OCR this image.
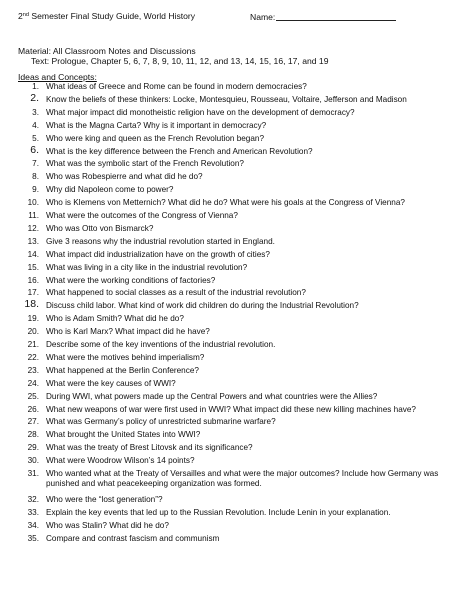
2nd Semester Final Study Guide, World History	Name:
Material: All Classroom Notes and Discussions
Text: Prologue, Chapter 5, 6, 7, 8, 9, 10, 11, 12, and 13, 14, 15, 16, 17, and 19
Ideas and Concepts:
1. What ideas of Greece and Rome can be found in modern democracies?
2. Know the beliefs of these thinkers: Locke, Montesquieu, Rousseau, Voltaire, Jefferson and Madison
3. What major impact did monotheistic religion have on the development of democracy?
4. What is the Magna Carta? Why is it important in democracy?
5. Who were king and queen as the French Revolution began?
6. What is the key difference between the French and American Revolution?
7. What was the symbolic start of the French Revolution?
8. Who was Robespierre and what did he do?
9. Why did Napoleon come to power?
10. Who is Klemens von Metternich? What did he do? What were his goals at the Congress of Vienna?
11. What were the outcomes of the Congress of Vienna?
12. Who was Otto von Bismarck?
13. Give 3 reasons why the industrial revolution started in England.
14. What impact did industrialization have on the growth of cities?
15. What was living in a city like in the industrial revolution?
16. What were the working conditions of factories?
17. What happened to social classes as a result of the industrial revolution?
18. Discuss child labor. What kind of work did children do during the Industrial Revolution?
19. Who is Adam Smith? What did he do?
20. Who is Karl Marx? What impact did he have?
21. Describe some of the key inventions of the industrial revolution.
22. What were the motives behind imperialism?
23. What happened at the Berlin Conference?
24. What were the key causes of WWI?
25. During WWI, what powers made up the Central Powers and what countries were the Allies?
26. What new weapons of war were first used in WWI? What impact did these new killing machines have?
27. What was Germany’s policy of unrestricted submarine warfare?
28. What brought the United States into WWI?
29. What was the treaty of Brest Litovsk and its significance?
30. What were Woodrow Wilson’s 14 points?
31. Who wanted what at the Treaty of Versailles and what were the major outcomes? Include how Germany was punished and what peacekeeping organization was formed.
32. Who were the “lost generation”?
33. Explain the key events that led up to the Russian Revolution. Include Lenin in your explanation.
34. Who was Stalin? What did he do?
35. Compare and contrast fascism and communism
